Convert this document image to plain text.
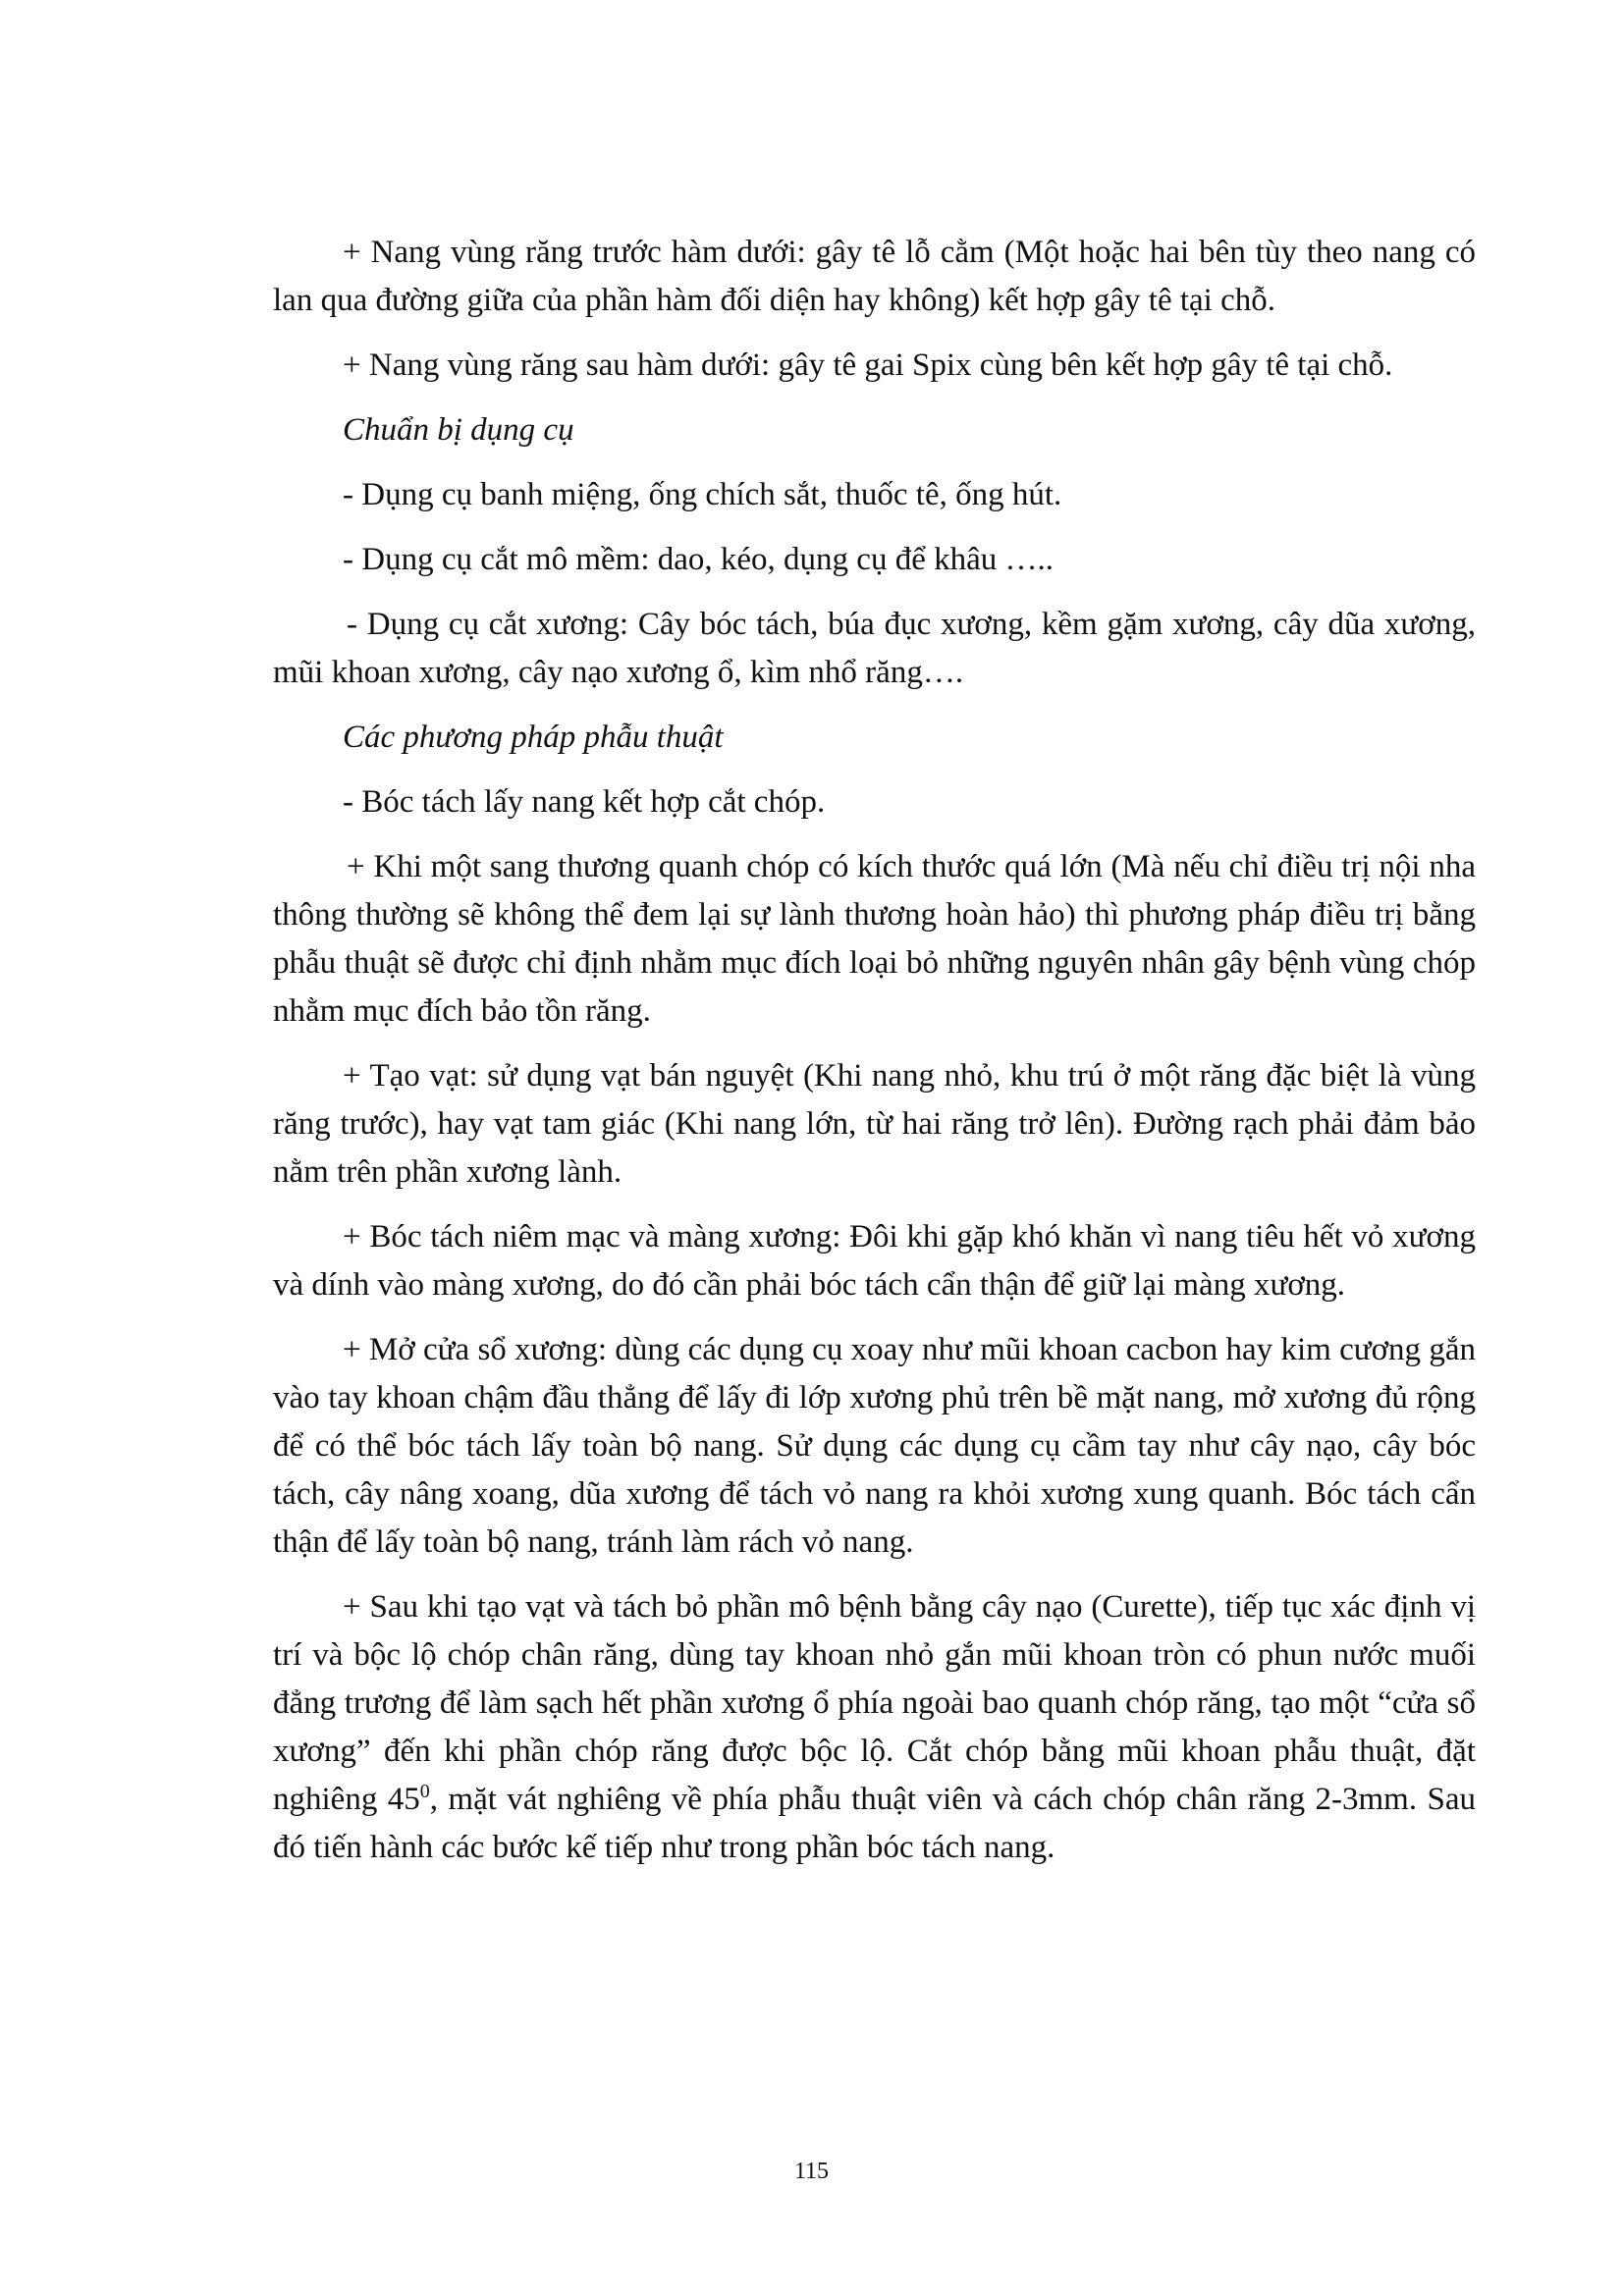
+ Nang vùng răng trước hàm dưới: gây tê lỗ cằm (Một hoặc hai bên tùy theo nang có lan qua đường giữa của phần hàm đối diện hay không) kết hợp gây tê tại chỗ.

+ Nang vùng răng sau hàm dưới: gây tê gai Spix cùng bên kết hợp gây tê tại chỗ.

Chuẩn bị dụng cụ

- Dụng cụ banh miệng, ống chích sắt, thuốc tê, ống hút.

- Dụng cụ cắt mô mềm: dao, kéo, dụng cụ để khâu …..

- Dụng cụ cắt xương: Cây bóc tách, búa đục xương, kềm gặm xương, cây dũa xương, mũi khoan xương, cây nạo xương ổ, kìm nhổ răng….

Các phương pháp phẫu thuật

- Bóc tách lấy nang kết hợp cắt chóp.

+ Khi một sang thương quanh chóp có kích thước quá lớn (Mà nếu chỉ điều trị nội nha thông thường sẽ không thể đem lại sự lành thương hoàn hảo) thì phương pháp điều trị bằng phẫu thuật sẽ được chỉ định nhằm mục đích loại bỏ những nguyên nhân gây bệnh vùng chóp nhằm mục đích bảo tồn răng.

+ Tạo vạt: sử dụng vạt bán nguyệt (Khi nang nhỏ, khu trú ở một răng đặc biệt là vùng răng trước), hay vạt tam giác (Khi nang lớn, từ hai răng trở lên). Đường rạch phải đảm bảo nằm trên phần xương lành.

+ Bóc tách niêm mạc và màng xương: Đôi khi gặp khó khăn vì nang tiêu hết vỏ xương và dính vào màng xương, do đó cần phải bóc tách cẩn thận để giữ lại màng xương.

+ Mở cửa sổ xương: dùng các dụng cụ xoay như mũi khoan cacbon hay kim cương gắn vào tay khoan chậm đầu thẳng để lấy đi lớp xương phủ trên bề mặt nang, mở xương đủ rộng để có thể bóc tách lấy toàn bộ nang. Sử dụng các dụng cụ cầm tay như cây nạo, cây bóc tách, cây nâng xoang, dũa xương để tách vỏ nang ra khỏi xương xung quanh. Bóc tách cẩn thận để lấy toàn bộ nang, tránh làm rách vỏ nang.

+ Sau khi tạo vạt và tách bỏ phần mô bệnh bằng cây nạo (Curette), tiếp tục xác định vị trí và bộc lộ chóp chân răng, dùng tay khoan nhỏ gắn mũi khoan tròn có phun nước muối đẳng trương để làm sạch hết phần xương ổ phía ngoài bao quanh chóp răng, tạo một “cửa sổ xương” đến khi phần chóp răng được bộc lộ. Cắt chóp bằng mũi khoan phẫu thuật, đặt nghiêng $45^0$, mặt vát nghiêng về phía phẫu thuật viên và cách chóp chân răng 2-3mm. Sau đó tiến hành các bước kế tiếp như trong phần bóc tách nang.

115
